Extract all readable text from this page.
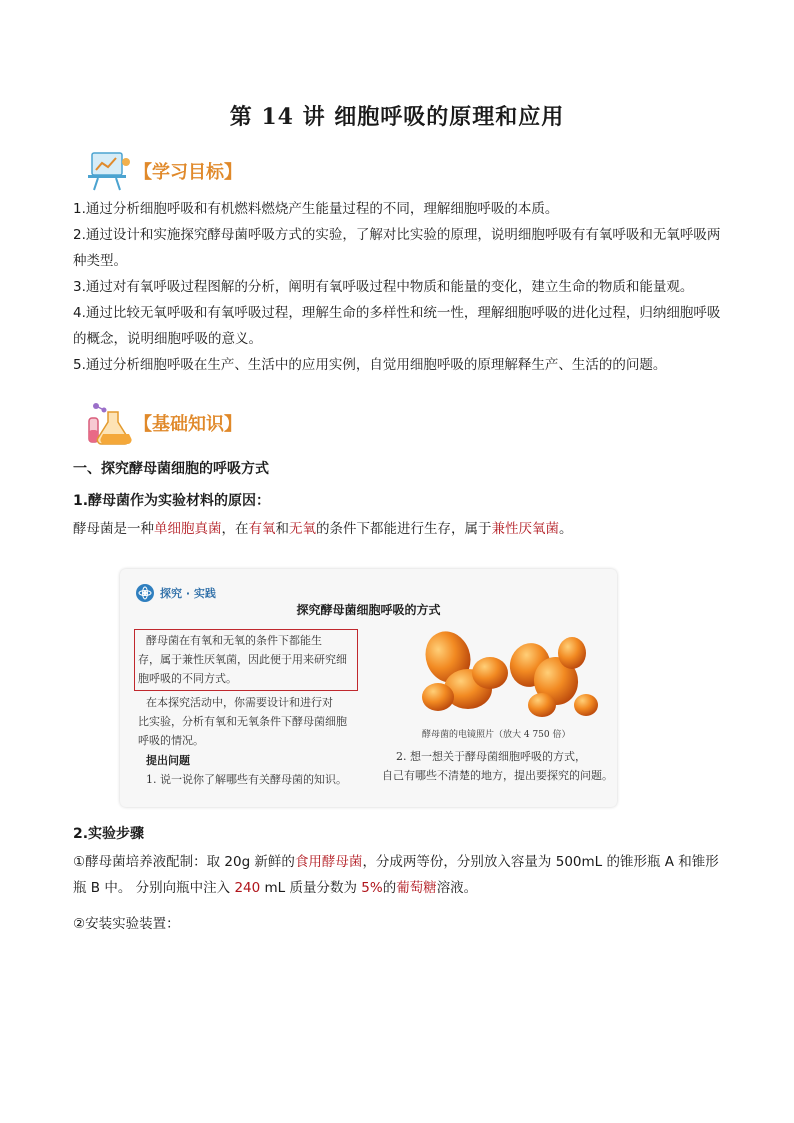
第 14 讲 细胞呼吸的原理和应用
【学习目标】
1.通过分析细胞呼吸和有机燃料燃烧产生能量过程的不同，理解细胞呼吸的本质。
2.通过设计和实施探究酵母菌呼吸方式的实验，了解对比实验的原理，说明细胞呼吸有有氧呼吸和无氧呼吸两种类型。
3.通过对有氧呼吸过程图解的分析，阐明有氧呼吸过程中物质和能量的变化，建立生命的物质和能量观。
4.通过比较无氧呼吸和有氧呼吸过程，理解生命的多样性和统一性，理解细胞呼吸的进化过程，归纳细胞呼吸的概念，说明细胞呼吸的意义。
5.通过分析细胞呼吸在生产、生活中的应用实例，自觉用细胞呼吸的原理解释生产、生活的的问题。
【基础知识】
一、探究酵母菌细胞的呼吸方式
1.酵母菌作为实验材料的原因：
酵母菌是一种单细胞真菌，在有氧和无氧的条件下都能进行生存，属于兼性厌氧菌。
探究 · 实践
探究酵母菌细胞呼吸的方式
酵母菌在有氧和无氧的条件下都能生
存，属于兼性厌氧菌，因此便于用来研究细
胞呼吸的不同方式。
在本探究活动中，你需要设计和进行对
比实验，分析有氧和无氧条件下酵母菌细胞
呼吸的情况。
提出问题
1. 说一说你了解哪些有关酵母菌的知识。
酵母菌的电镜照片（放大 4 750 倍）
2. 想一想关于酵母菌细胞呼吸的方式，
自己有哪些不清楚的地方，提出要探究的问题。
2.实验步骤
①酵母菌培养液配制：取 20g 新鲜的食用酵母菌，分成两等份，分别放入容量为 500mL 的锥形瓶 A 和锥形
瓶 B 中。 分别向瓶中注入 240 mL 质量分数为 5%的葡萄糖溶液。
②安装实验装置：
